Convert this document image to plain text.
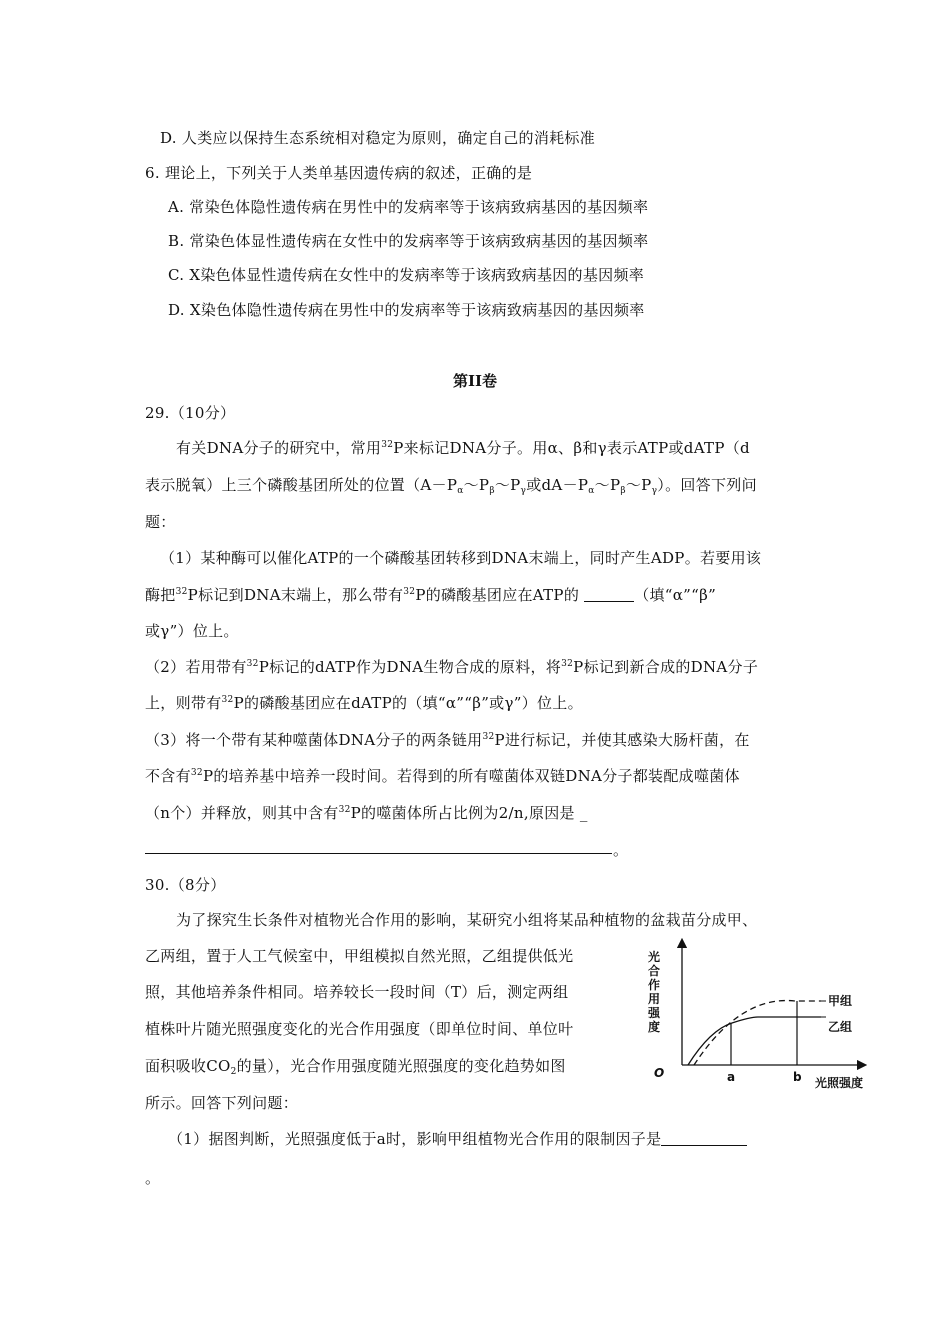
D. 人类应以保持生态系统相对稳定为原则，确定自己的消耗标准
6. 理论上，下列关于人类单基因遗传病的叙述，正确的是
A. 常染色体隐性遗传病在男性中的发病率等于该病致病基因的基因频率
B. 常染色体显性遗传病在女性中的发病率等于该病致病基因的基因频率
C. X染色体显性遗传病在女性中的发病率等于该病致病基因的基因频率
D. X染色体隐性遗传病在男性中的发病率等于该病致病基因的基因频率
第II卷
29.（10分）
有关DNA分子的研究中，常用$^{32}$P来标记DNA分子。用α、β和γ表示ATP或dATP（d
表示脱氧）上三个磷酸基团所处的位置（$A-P_\alpha\sim P_\beta\sim P_\gamma$或$dA-P_\alpha\sim P_\beta\sim P_\gamma$）。回答下列问
题：
（1）某种酶可以催化ATP的一个磷酸基团转移到DNA末端上，同时产生ADP。若要用该
酶把$^{32}$P标记到DNA末端上，那么带有$^{32}$P的磷酸基团应在ATP的	（填“α”“β”
或γ”）位上。
（2）若用带有$^{32}$P标记的dATP作为DNA生物合成的原料，将$^{32}$P标记到新合成的DNA分子
上，则带有$^{32}$P的磷酸基团应在dATP的（填“α”“β”或γ”）位上。
（3）将一个带有某种噬菌体DNA分子的两条链用$^{32}$P进行标记，并使其感染大肠杆菌，在
不含有$^{32}$P的培养基中培养一段时间。若得到的所有噬菌体双链DNA分子都装配成噬菌体
（n个）并释放，则其中含有$^{32}$P的噬菌体所占比例为2/n,原因是 _
。
30.（8分）
为了探究生长条件对植物光合作用的影响，某研究小组将某品种植物的盆栽苗分成甲、
乙两组，置于人工气候室中，甲组模拟自然光照，乙组提供低光
照，其他培养条件相同。培养较长一段时间（T）后，测定两组
植株叶片随光照强度变化的光合作用强度（即单位时间、单位叶
面积吸收$CO_2$的量），光合作用强度随光照强度的变化趋势如图
所示。回答下列问题：
（1）据图判断，光照强度低于a时，影响甲组植物光合作用的限制因子是
。
光
合
作
用
强
度
O
甲组
乙组
a	b 光照强度
